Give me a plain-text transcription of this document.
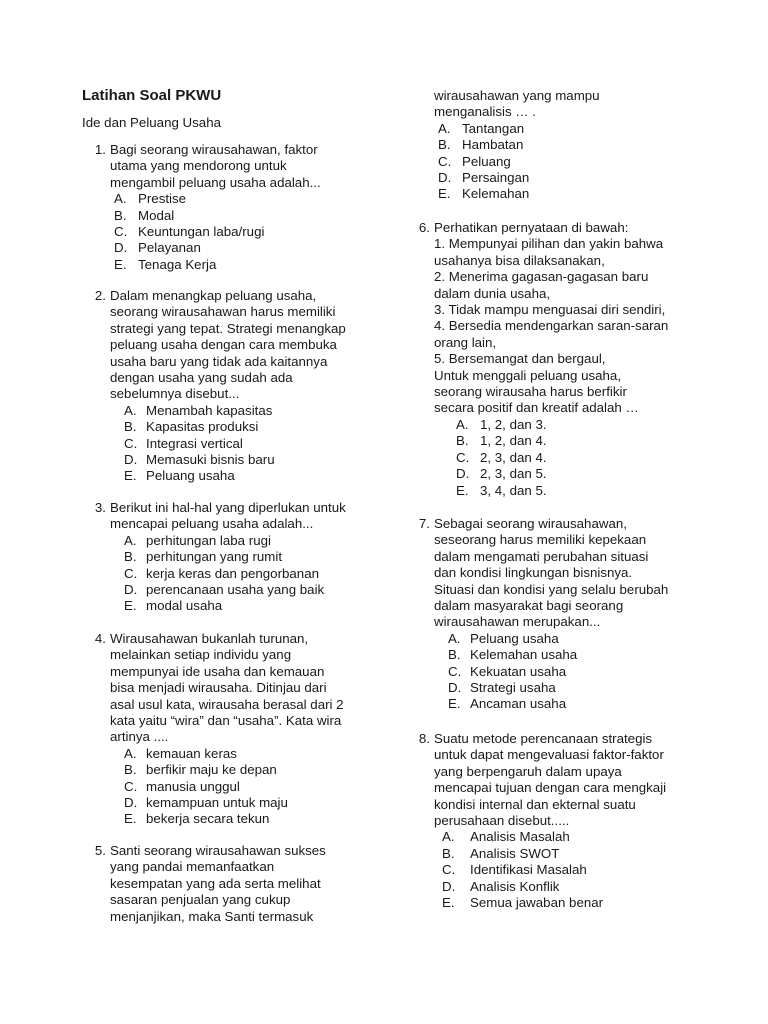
Latihan Soal PKWU
Ide dan Peluang Usaha
1. Bagi seorang wirausahawan, faktor
utama yang mendorong untuk
mengambil peluang usaha adalah...
A. Prestise
B. Modal
C. Keuntungan laba/rugi
D. Pelayanan
E. Tenaga Kerja
2. Dalam menangkap peluang usaha,
seorang wirausahawan harus memiliki
strategi yang tepat. Strategi menangkap
peluang usaha dengan cara membuka
usaha baru yang tidak ada kaitannya
dengan usaha yang sudah ada
sebelumnya disebut...
A. Menambah kapasitas
B. Kapasitas produksi
C. Integrasi vertical
D. Memasuki bisnis baru
E. Peluang usaha
3. Berikut ini hal-hal yang diperlukan untuk
mencapai peluang usaha adalah...
A. perhitungan laba rugi
B. perhitungan yang rumit
C. kerja keras dan pengorbanan
D. perencanaan usaha yang baik
E. modal usaha
4. Wirausahawan bukanlah turunan,
melainkan setiap individu yang
mempunyai ide usaha dan kemauan
bisa menjadi wirausaha. Ditinjau dari
asal usul kata, wirausaha berasal dari 2
kata yaitu “wira” dan “usaha”. Kata wira
artinya ....
A. kemauan keras
B. berfikir maju ke depan
C. manusia unggul
D. kemampuan untuk maju
E. bekerja secara tekun
5. Santi seorang wirausahawan sukses
yang pandai memanfaatkan
kesempatan yang ada serta melihat
sasaran penjualan yang cukup
menjanjikan, maka Santi termasuk
wirausahawan yang mampu
menganalisis … .
A. Tantangan
B. Hambatan
C. Peluang
D. Persaingan
E. Kelemahan
6. Perhatikan pernyataan di bawah:
1. Mempunyai pilihan dan yakin bahwa
usahanya bisa dilaksanakan,
2. Menerima gagasan-gagasan baru
dalam dunia usaha,
3. Tidak mampu menguasai diri sendiri,
4. Bersedia mendengarkan saran-saran
orang lain,
5. Bersemangat dan bergaul,
Untuk menggali peluang usaha,
seorang wirausaha harus berfikir
secara positif dan kreatif adalah …
A. 1, 2, dan 3.
B. 1, 2, dan 4.
C. 2, 3, dan 4.
D. 2, 3, dan 5.
E. 3, 4, dan 5.
7. Sebagai seorang wirausahawan,
seseorang harus memiliki kepekaan
dalam mengamati perubahan situasi
dan kondisi lingkungan bisnisnya.
Situasi dan kondisi yang selalu berubah
dalam masyarakat bagi seorang
wirausahawan merupakan...
A. Peluang usaha
B. Kelemahan usaha
C. Kekuatan usaha
D. Strategi usaha
E. Ancaman usaha
8. Suatu metode perencanaan strategis
untuk dapat mengevaluasi faktor-faktor
yang berpengaruh dalam upaya
mencapai tujuan dengan cara mengkaji
kondisi internal dan ekternal suatu
perusahaan disebut.....
A.	Analisis Masalah
B.	Analisis SWOT
C.	Identifikasi Masalah
D.	Analisis Konflik
E.	Semua jawaban benar
